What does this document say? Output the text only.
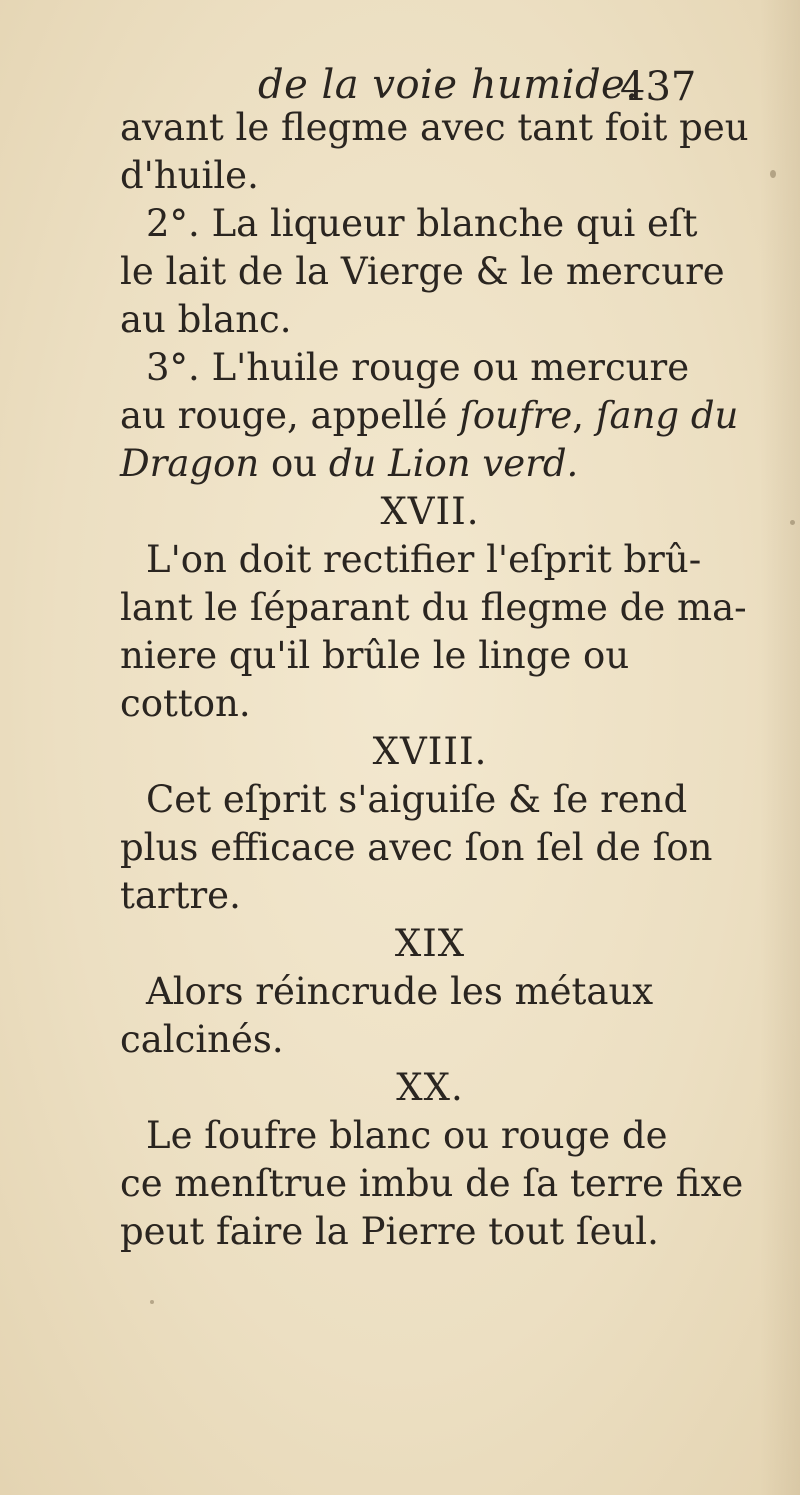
de la voie humide.
437
avant le flegme avec tant foit peu
d'huile.
2°. La liqueur blanche qui eſt
le lait de la Vierge & le mercure
au blanc.
3°. L'huile rouge ou mercure
au rouge, appellé ſoufre, ſang du
Dragon ou du Lion verd.
XVII.
L'on doit rectifier l'eſprit brû-
lant le ſéparant du flegme de ma-
niere qu'il brûle le linge ou
cotton.
XVIII.
Cet eſprit s'aiguiſe & ſe rend
plus efficace avec ſon ſel de ſon
tartre.
XIX
Alors réincrude les métaux
calcinés.
XX.
Le ſoufre blanc ou rouge de
ce menſtrue imbu de ſa terre fixe
peut faire la Pierre tout ſeul.
